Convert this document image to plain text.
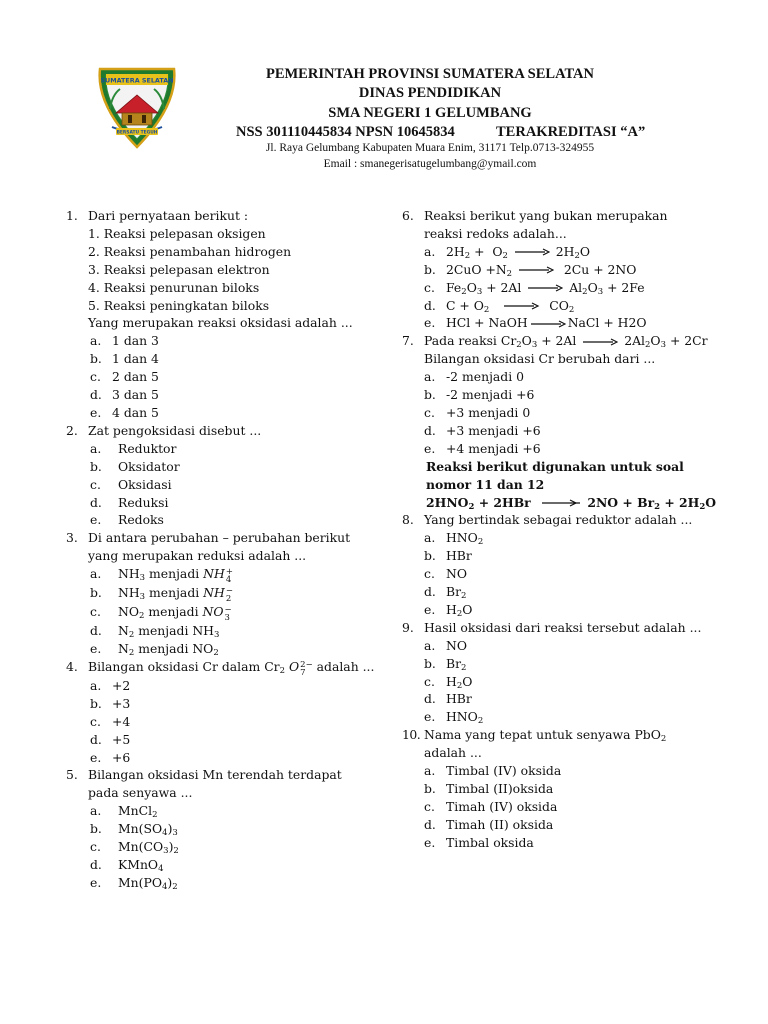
SUMATERA SELATAN
BERSATU TEGUH
PEMERINTAH PROVINSI SUMATERA SELATAN
DINAS PENDIDIKAN
SMA NEGERI 1 GELUMBANG
NSS 301110445834 NPSN 10645834	TERAKREDITASI “A”
Jl. Raya Gelumbang Kabupaten Muara Enim, 31171 Telp.0713-324955
Email : smanegerisatugelumbang@ymail.com
1. Dari pernyataan berikut :
1. Reaksi pelepasan oksigen
2. Reaksi penambahan hidrogen
3. Reaksi pelepasan elektron
4. Reaksi penurunan biloks
5. Reaksi peningkatan biloks
Yang merupakan reaksi oksidasi adalah ...
a. 1 dan 3
b. 1 dan 4
c. 2 dan 5
d. 3 dan 5
e. 4 dan 5
2. Zat pengoksidasi disebut ...
a. Reduktor
b. Oksidator
c. Oksidasi
d. Reduksi
e. Redoks
3. Di antara perubahan – perubahan berikut
yang merupakan reduksi adalah ...
a. $NH_3$ menjadi NH +
4
b. $NH_3$ menjadi NH −
2
c. $NO_2$ menjadi NO −
3
d. $N_2$ menjadi $NH_3$
e. $N_2$ menjadi $NO_2$
4. Bilangan oksidasi Cr dalam $Cr_2$ O 2−
7 adalah ...
a. +2
b. +3
c. +4
d. +5
e. +6
5. Bilangan oksidasi Mn terendah terdapat
pada senyawa ...
a. MnCl$_2$
b. $Mn(SO_4)_3$
c. $Mn(CO_3)_2$
d. KMnO$_4$
e. $Mn(PO_4)_2$
6. Reaksi berikut yang bukan merupakan
reaksi redoks adalah...
a. $2H_2 + O_2 \to 2H_2O$
b. $2CuO +N_2 \to 2Cu + 2NO$
c. $Fe_2O_3 + 2Al \to Al_2O_3 + 2Fe$
d. $C + O_2$	$CO_2$
e. HCl + NaOH → NaCl + H2O
7. Pada reaksi $Cr_2O_3 + 2Al \to 2Al_2O_3 + 2Cr$
Bilangan oksidasi Cr berubah dari ...
a. -2 menjadi 0
b. -2 menjadi +6
c. +3 menjadi 0
d. +3 menjadi +6
e. +4 menjadi +6
Reaksi berikut digunakan untuk soal
nomor 11 dan 12
$2HNO_2 + 2HBr \to 2NO + Br_2 + 2H_2O$
8. Yang bertindak sebagai reduktor adalah ...
a. $HNO_2$
b. HBr
c. NO
d. $Br_2$
e. $H_2O$
9. Hasil oksidasi dari reaksi tersebut adalah ...
a. NO
b. $Br_2$
c. $H_2O$
d. HBr
e. $HNO_2$
10. Nama yang tepat untuk senyawa PbO$_2$
adalah ...
a. Timbal (IV) oksida
b. Timbal (II)oksida
c. Timah (IV) oksida
d. Timah (II) oksida
e. Timbal oksida
